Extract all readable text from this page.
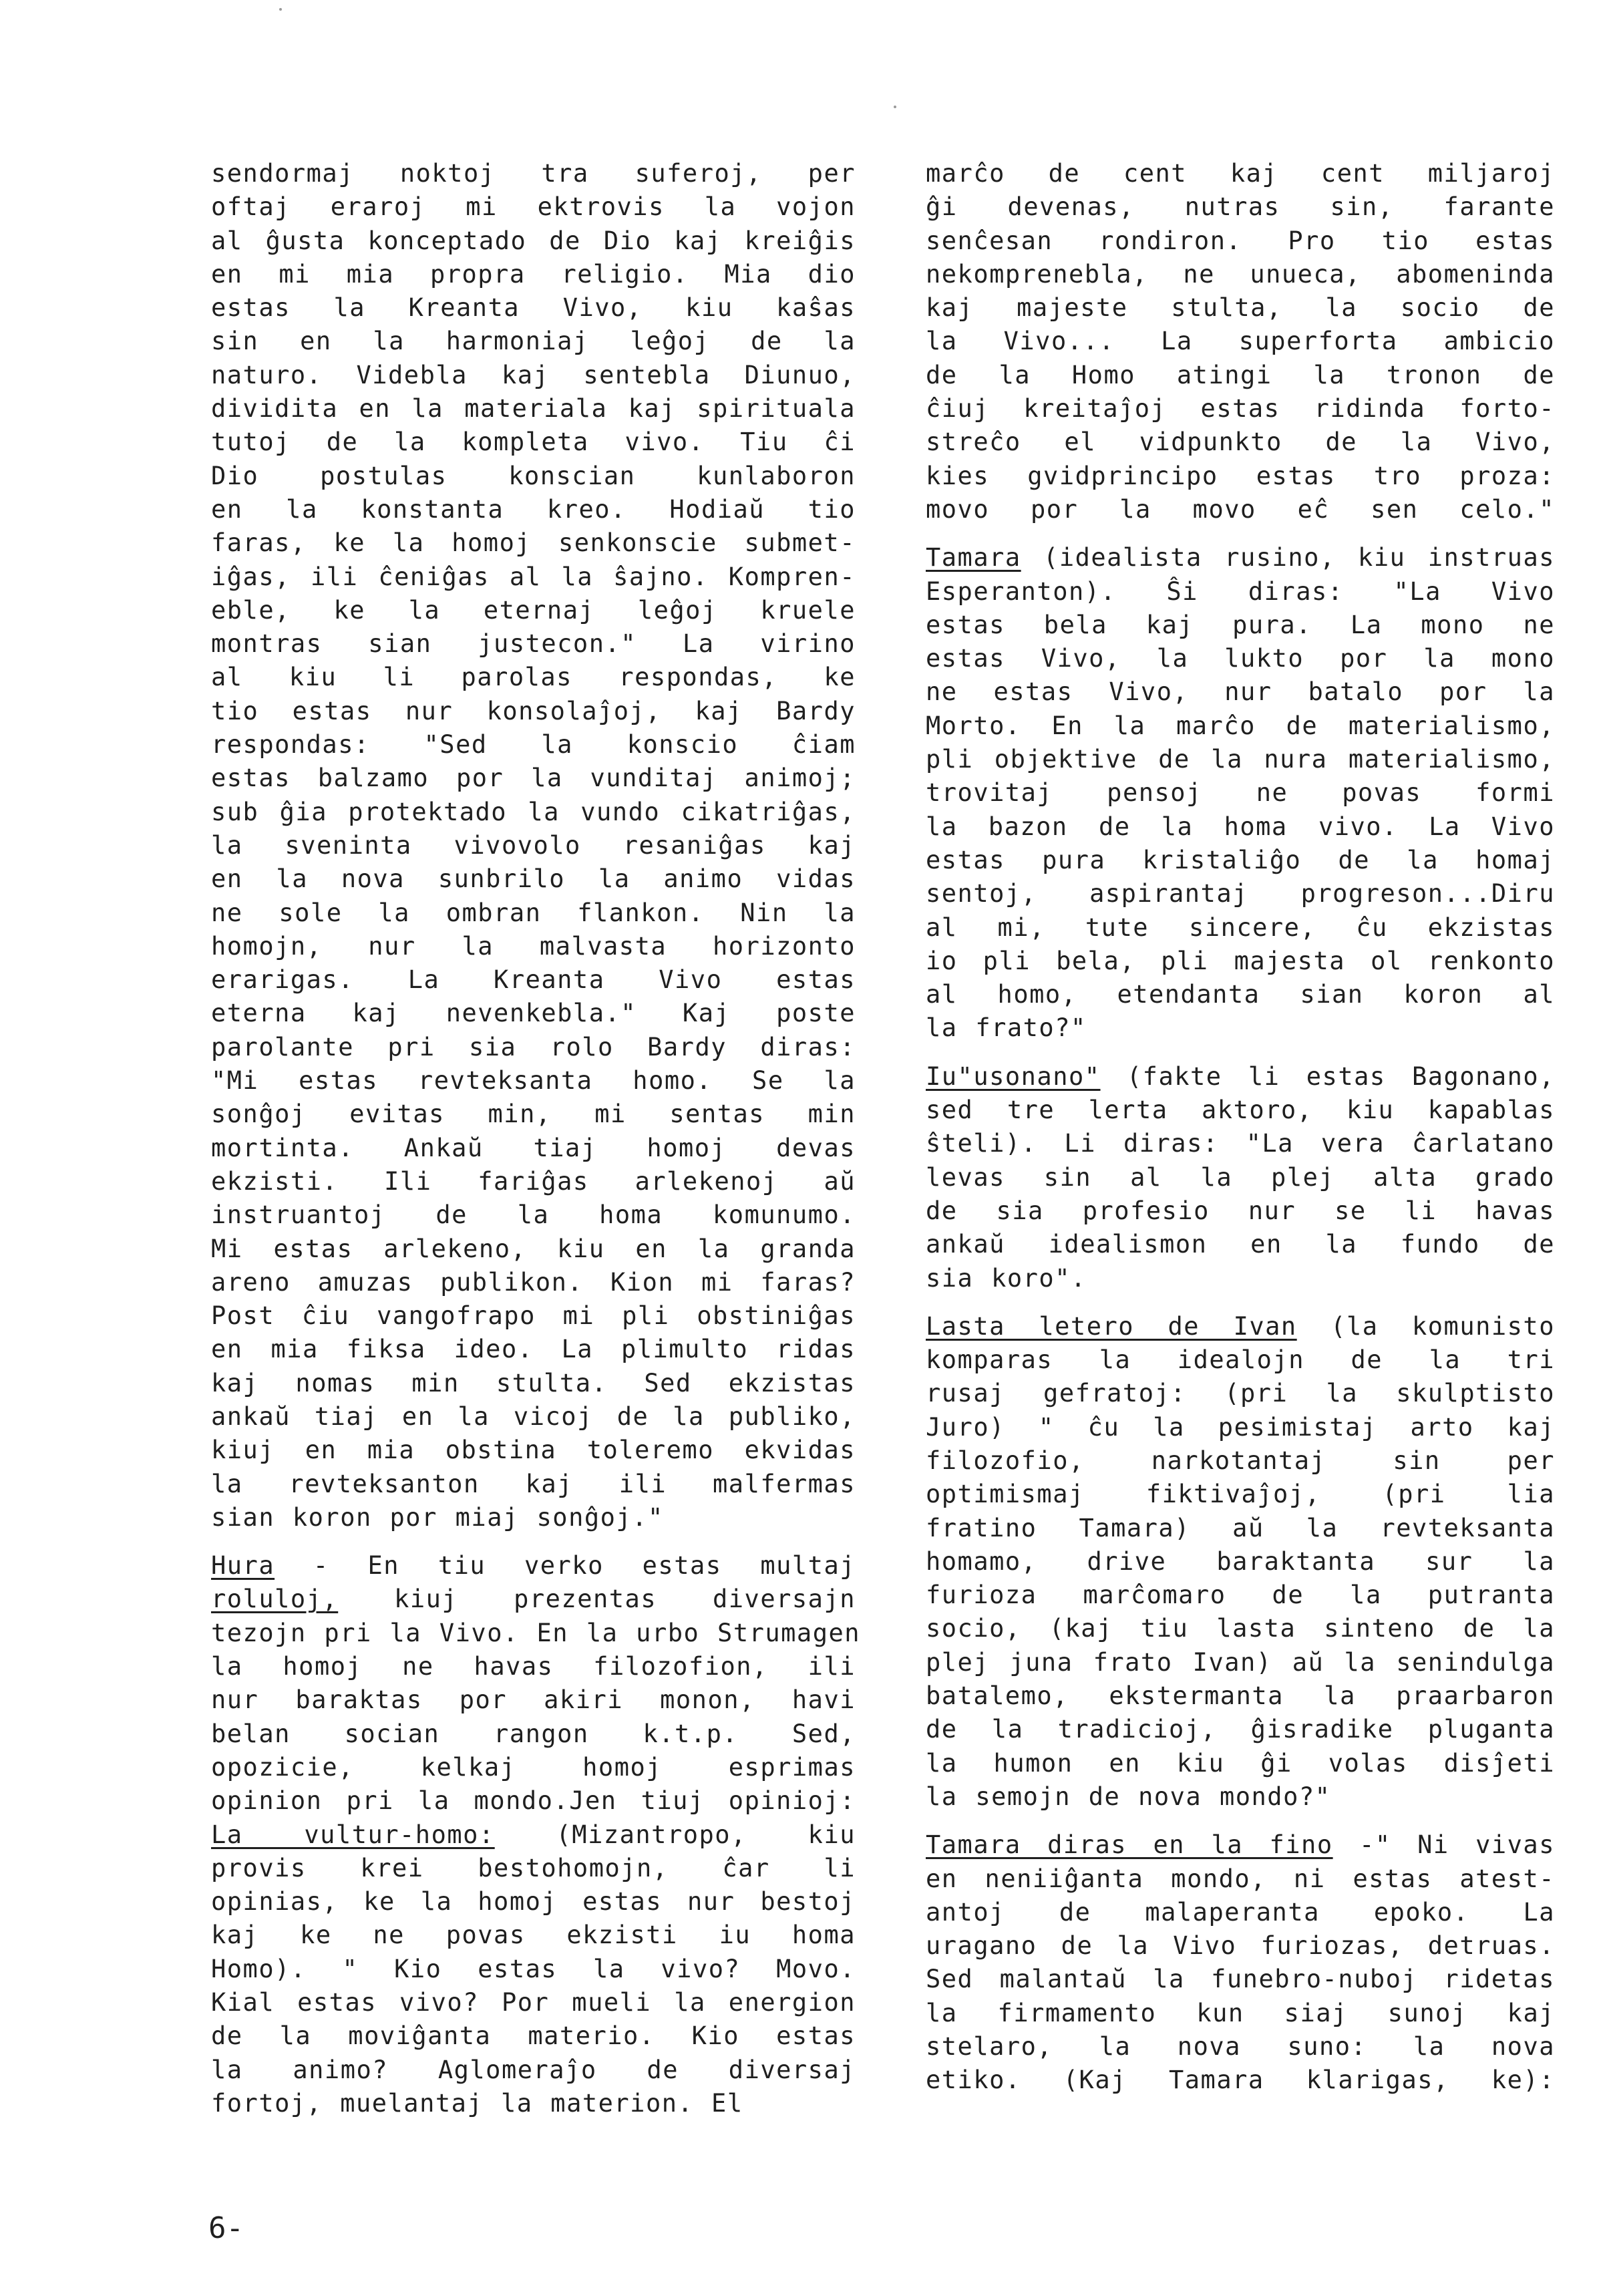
sendormaj noktoj tra suferoj, per
oftaj eraroj mi ektrovis la vojon
al ĝusta konceptado de Dio kaj kreiĝis
en mi mia propra religio. Mia dio
estas la Kreanta Vivo, kiu kaŝas
sin en la harmoniaj leĝoj de la
naturo. Videbla kaj sentebla Diunuo,
dividita en la materiala kaj spirituala
tutoj de la kompleta vivo. Tiu ĉi
Dio postulas konscian kunlaboron
en la konstanta kreo. Hodiaŭ tio
faras, ke la homoj senkonscie submet-
iĝas, ili ĉeniĝas al la ŝajno. Kompren-
eble, ke la eternaj leĝoj kruele
montras sian justecon." La virino
al kiu li parolas respondas, ke
tio estas nur konsolaĵoj, kaj Bardy
respondas: "Sed la konscio ĉiam
estas balzamo por la vunditaj animoj;
sub ĝia protektado la vundo cikatriĝas,
la sveninta vivovolo resaniĝas kaj
en la nova sunbrilo la animo vidas
ne sole la ombran flankon. Nin la
homojn, nur la malvasta horizonto
erarigas. La Kreanta Vivo estas
eterna kaj nevenkebla." Kaj poste
parolante pri sia rolo Bardy diras:
"Mi estas revteksanta homo. Se la
sonĝoj evitas min, mi sentas min
mortinta. Ankaŭ tiaj homoj devas
ekzisti. Ili fariĝas arlekenoj aŭ
instruantoj de la homa komunumo.
Mi estas arlekeno, kiu en la granda
areno amuzas publikon. Kion mi faras?
Post ĉiu vangofrapo mi pli obstiniĝas
en mia fiksa ideo. La plimulto ridas
kaj nomas min stulta. Sed ekzistas
ankaŭ tiaj en la vicoj de la publiko,
kiuj en mia obstina toleremo ekvidas
la revteksanton kaj ili malfermas
sian koron por miaj sonĝoj."
Hura - En tiu verko estas multaj
roluloj, kiuj prezentas diversajn
tezojn pri la Vivo. En la urbo Strumagen
la homoj ne havas filozofion, ili
nur baraktas por akiri monon, havi
belan socian rangon k.t.p. Sed,
opozicie, kelkaj homoj esprimas
opinion pri la mondo.Jen tiuj opinioj:
La vultur-homo: (Mizantropo, kiu
provis krei bestohomojn, ĉar li
opinias, ke la homoj estas nur bestoj
kaj ke ne povas ekzisti iu homa
Homo). " Kio estas la vivo? Movo.
Kial estas vivo? Por mueli la energion
de la moviĝanta materio. Kio estas
la animo? Aglomeraĵo de diversaj
fortoj, muelantaj la materion. El
marĉo de cent kaj cent miljaroj
ĝi devenas, nutras sin, farante
senĉesan rondiron. Pro tio estas
nekomprenebla, ne unueca, abomeninda
kaj majeste stulta, la socio de
la Vivo... La superforta ambicio
de la Homo atingi la tronon de
ĉiuj kreitaĵoj estas ridinda forto-
streĉo el vidpunkto de la Vivo,
kies gvidprincipo estas tro proza:
movo por la movo eĉ sen celo."
Tamara (idealista rusino, kiu instruas
Esperanton). Ŝi diras: "La Vivo
estas bela kaj pura. La mono ne
estas Vivo, la lukto por la mono
ne estas Vivo, nur batalo por la
Morto. En la marĉo de materialismo,
pli objektive de la nura materialismo,
trovitaj pensoj ne povas formi
la bazon de la homa vivo. La Vivo
estas pura kristaliĝo de la homaj
sentoj, aspirantaj progreson...Diru
al mi, tute sincere, ĉu ekzistas
io pli bela, pli majesta ol renkonto
al homo, etendanta sian koron al
la frato?"
Iu"usonano" (fakte li estas Bagonano,
sed tre lerta aktoro, kiu kapablas
ŝteli). Li diras: "La vera ĉarlatano
levas sin al la plej alta grado
de sia profesio nur se li havas
ankaŭ idealismon en la fundo de
sia koro".
Lasta letero de Ivan (la komunisto
komparas la idealojn de la tri
rusaj gefratoj: (pri la skulptisto
Juro) " ĉu la pesimistaj arto kaj
filozofio, narkotantaj sin per
optimismaj fiktivaĵoj, (pri lia
fratino Tamara) aŭ la revteksanta
homamo, drive baraktanta sur la
furioza marĉomaro de la putranta
socio, (kaj tiu lasta sinteno de la
plej juna frato Ivan) aŭ la senindulga
batalemo, ekstermanta la praarbaron
de la tradicioj, ĝisradike pluganta
la humon en kiu ĝi volas disĵeti
la semojn de nova mondo?"
Tamara diras en la fino -" Ni vivas
en neniiĝanta mondo, ni estas atest-
antoj de malaperanta epoko. La
uragano de la Vivo furiozas, detruas.
Sed malantaŭ la funebro-nuboj ridetas
la firmamento kun siaj sunoj kaj
stelaro, la nova suno: la nova
etiko. (Kaj Tamara klarigas, ke):
6-
